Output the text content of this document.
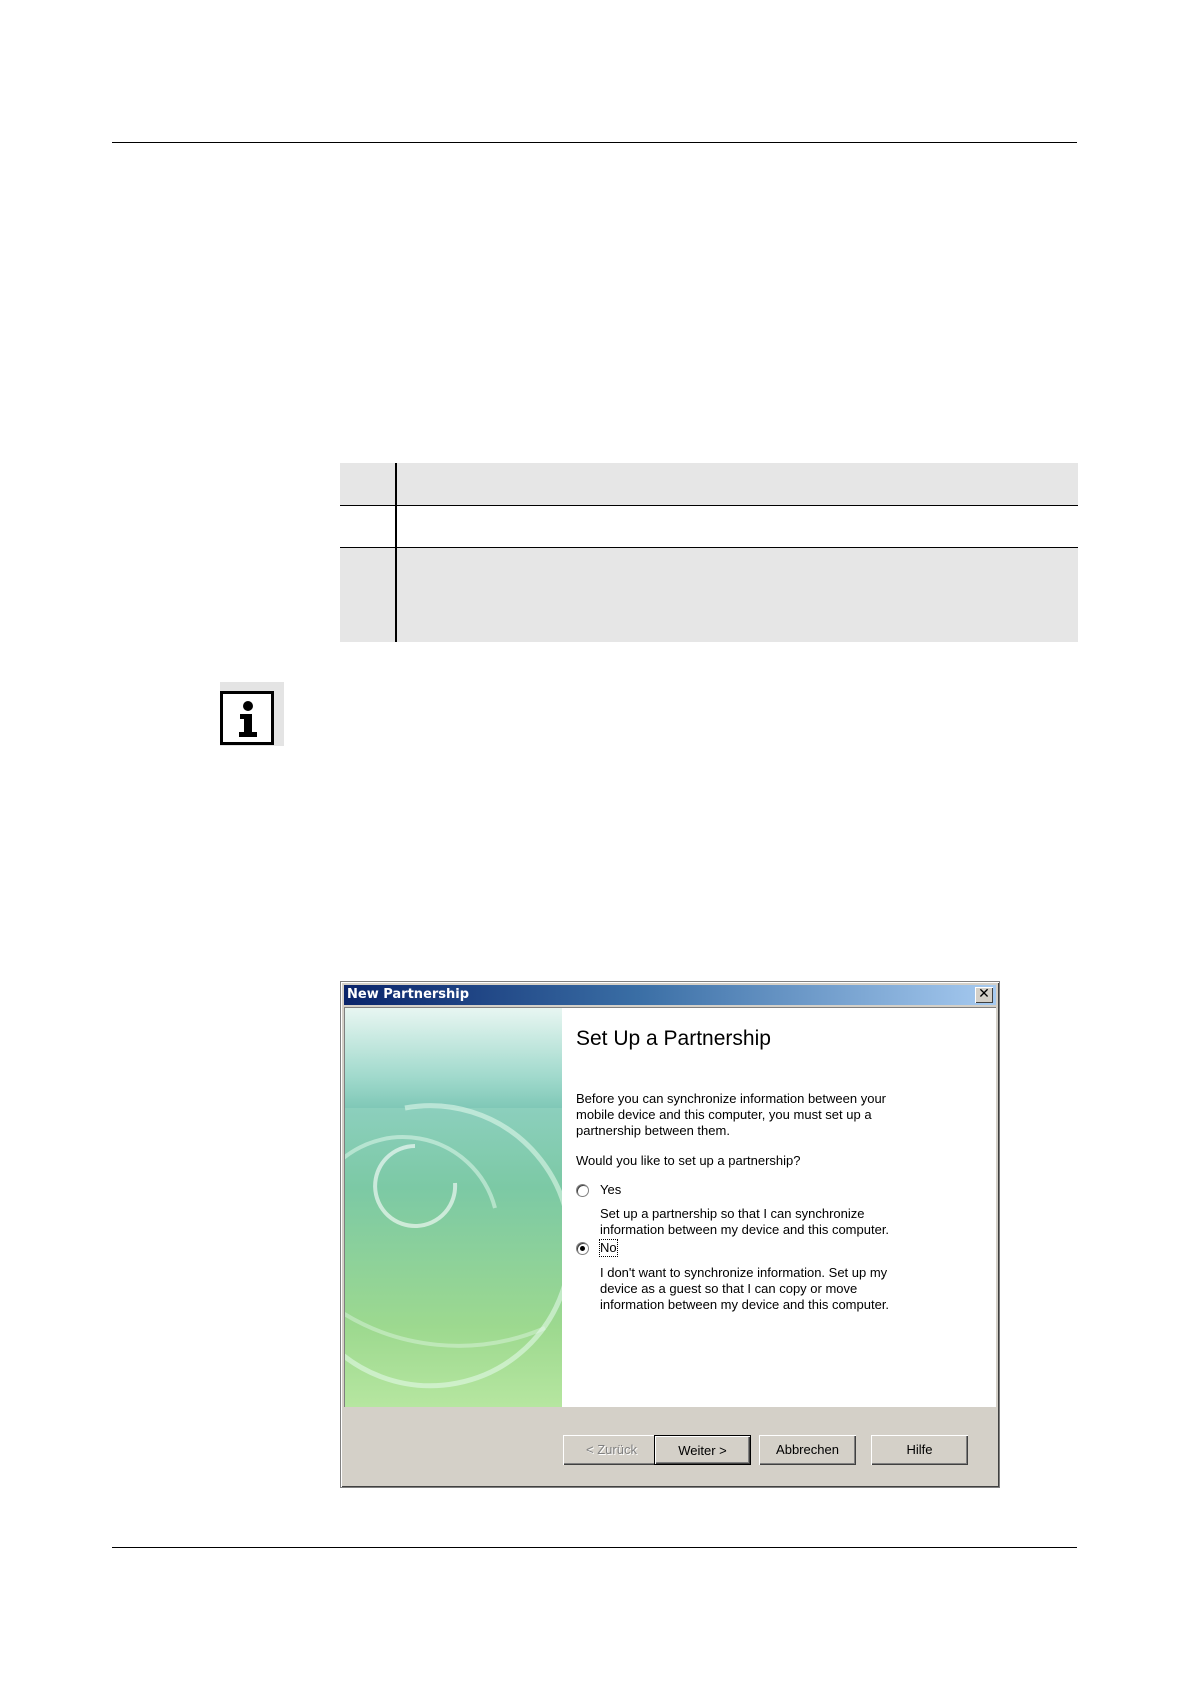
New Partnership	✕
Set Up a Partnership
Before you can synchronize information between your
mobile device and this computer, you must set up a
partnership between them.
Would you like to set up a partnership?
Yes
Set up a partnership so that I can synchronize
information between my device and this computer.
No
I don't want to synchronize information. Set up my
device as a guest so that I can copy or move
information between my device and this computer.
< Zurück	Weiter >	Abbrechen	Hilfe
